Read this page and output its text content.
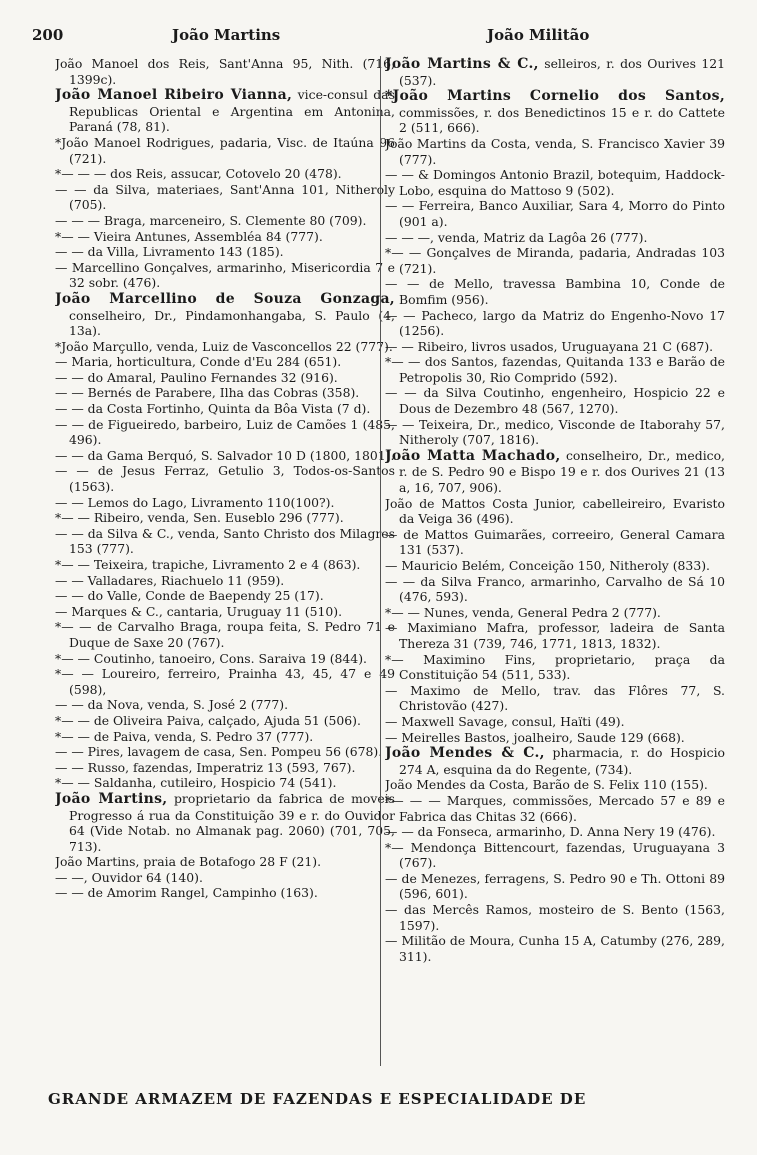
200	João Martins	João Militão

João Manoel dos Reis, Sant'Anna 95, Nith. (716, 1399c).

João Manoel Ribeiro Vianna, vice-consul das Republicas Oriental e Argentina em Antonina, Paraná (78, 81).

*João Manoel Rodrigues, padaria, Visc. de Itaúna 96 (721).

*— — — dos Reis, assucar, Cotovelo 20 (478).

— — da Silva, materiaes, Sant'Anna 101, Nitheroly (705).

— — — Braga, marceneiro, S. Clemente 80 (709).

*— — Vieira Antunes, Assembléa 84 (777).

— — da Villa, Livramento 143 (185).

— Marcellino Gonçalves, armarinho, Misericordia 7 e 32 sobr. (476).

João Marcellino de Souza Gonzaga, conselheiro, Dr., Pindamonhangaba, S. Paulo (4, 13a).

*João Marçullo, venda, Luiz de Vasconcellos 22 (777).

— Maria, horticultura, Conde d'Eu 284 (651).

— — do Amaral, Paulino Fernandes 32 (916).

— — Bernés de Parabere, Ilha das Cobras (358).

— — da Costa Fortinho, Quinta da Bôa Vista (7 d).

— — de Figueiredo, barbeiro, Luiz de Camões 1 (485, 496).

— — da Gama Berquó, S. Salvador 10 D (1800, 1801).

— — de Jesus Ferraz, Getulio 3, Todos-os-Santos (1563).

— — Lemos do Lago, Livramento 110(100?).

*— — Ribeiro, venda, Sen. Euseblo 296 (777).

— — da Silva & C., venda, Santo Christo dos Milagres 153 (777).

*— — Teixeira, trapiche, Livramento 2 e 4 (863).

— — Valladares, Riachuelo 11 (959).

— — do Valle, Conde de Baependy 25 (17).

— Marques & C., cantaria, Uruguay 11 (510).

*— — de Carvalho Braga, roupa feita, S. Pedro 71 e Duque de Saxe 20 (767).

*— — Coutinho, tanoeiro, Cons. Saraiva 19 (844).

*— — Loureiro, ferreiro, Prainha 43, 45, 47 e 49 (598),

— — da Nova, venda, S. José 2 (777).

*— — de Oliveira Paiva, calçado, Ajuda 51 (506).

*— — de Paiva, venda, S. Pedro 37 (777).

— — Pires, lavagem de casa, Sen. Pompeu 56 (678).

— — Russo, fazendas, Imperatriz 13 (593, 767).

*— — Saldanha, cutileiro, Hospicio 74 (541).

João Martins, proprietario da fabrica de moveis Progresso á rua da Constituição 39 e r. do Ouvidor 64 (Vide Notab. no Almanak pag. 2060) (701, 705, 713).

João Martins, praia de Botafogo 28 F (21).

— —, Ouvidor 64 (140).

— — de Amorim Rangel, Campinho (163).

João Martins & C., selleiros, r. dos Ourives 121 (537).

*João Martins Cornelio dos Santos, commissões, r. dos Benedictinos 15 e r. do Cattete 2 (511, 666).

João Martins da Costa, venda, S. Francisco Xavier 39 (777).

— — & Domingos Antonio Brazil, botequim, Haddock-Lobo, esquina do Mattoso 9 (502).

— — Ferreira, Banco Auxiliar, Sara 4, Morro do Pinto (901 a).

— — —, venda, Matriz da Lagôa 26 (777).

*— — Gonçalves de Miranda, padaria, Andradas 103 (721).

— — de Mello, travessa Bambina 10, Conde de Bomfim (956).

— — Pacheco, largo da Matriz do Engenho-Novo 17 (1256).

— — Ribeiro, livros usados, Uruguayana 21 C (687).

*— — dos Santos, fazendas, Quitanda 133 e Barão de Petropolis 30, Rio Comprido (592).

— — da Silva Coutinho, engenheiro, Hospicio 22 e Dous de Dezembro 48 (567, 1270).

— — Teixeira, Dr., medico, Visconde de Itaborahy 57, Nitheroly (707, 1816).

João Matta Machado, conselheiro, Dr., medico, r. de S. Pedro 90 e Bispo 19 e r. dos Ourives 21 (13 a, 16, 707, 906).

João de Mattos Costa Junior, cabelleireiro, Evaristo da Veiga 36 (496).

— de Mattos Guimarães, correeiro, General Camara 131 (537).

— Mauricio Belém, Conceição 150, Nitheroly (833).

— — da Silva Franco, armarinho, Carvalho de Sá 10 (476, 593).

*— — Nunes, venda, General Pedra 2 (777).

— Maximiano Mafra, professor, ladeira de Santa Thereza 31 (739, 746, 1771, 1813, 1832).

*— Maximino Fins, proprietario, praça da Constituição 54 (511, 533).

— Maximo de Mello, trav. das Flôres 77, S. Christovão (427).

— Maxwell Savage, consul, Haïti (49).

— Meirelles Bastos, joalheiro, Saude 129 (668).

João Mendes & C., pharmacia, r. do Hospicio 274 A, esquina da do Regente, (734).

João Mendes da Costa, Barão de S. Felix 110 (155).

*— — — Marques, commissões, Mercado 57 e 89 e Fabrica das Chitas 32 (666).

— — da Fonseca, armarinho, D. Anna Nery 19 (476).

*— Mendonça Bittencourt, fazendas, Uruguayana 3 (767).

— de Menezes, ferragens, S. Pedro 90 e Th. Ottoni 89 (596, 601).

— das Mercês Ramos, mosteiro de S. Bento (1563, 1597).

— Militão de Moura, Cunha 15 A, Catumby (276, 289, 311).

GRANDE ARMAZEM DE FAZENDAS E ESPECIALIDADE DE
